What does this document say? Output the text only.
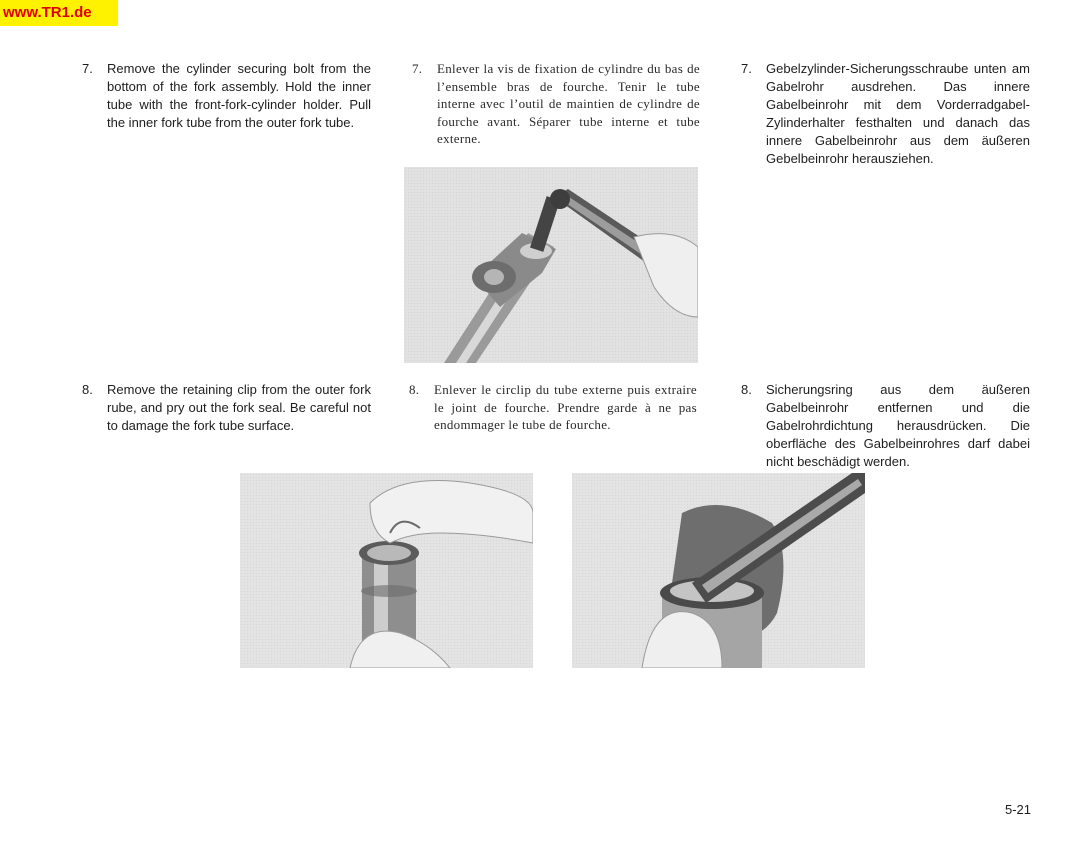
www.TR1.de
7. Remove the cylinder securing bolt from the bottom of the fork assembly. Hold the inner tube with the front-fork-cylinder holder. Pull the inner fork tube from the outer fork tube.
7. Enlever la vis de fixation de cylindre du bas de l’ensemble bras de fourche. Tenir le tube interne avec l’outil de maintien de cylindre de fourche avant. Séparer tube interne et tube externe.
7. Gebelzylinder-Sicherungsschraube unten am Gabelrohr ausdrehen. Das innere Gabelbeinrohr mit dem Vorderradgabel-Zylinderhalter festhalten und danach das innere Gabelbeinrohr aus dem äußeren Gebelbeinrohr herausziehen.
8. Remove the retaining clip from the outer fork rube, and pry out the fork seal. Be careful not to damage the fork tube surface.
8. Enlever le circlip du tube externe puis extraire le joint de fourche. Prendre garde à ne pas endommager le tube de fourche.
8. Sicherungsring aus dem äußeren Gabelbeinrohr entfernen und die Gabelrohrdichtung herausdrücken. Die oberfläche des Gabelbeinrohres darf dabei nicht beschädigt werden.
5-21
